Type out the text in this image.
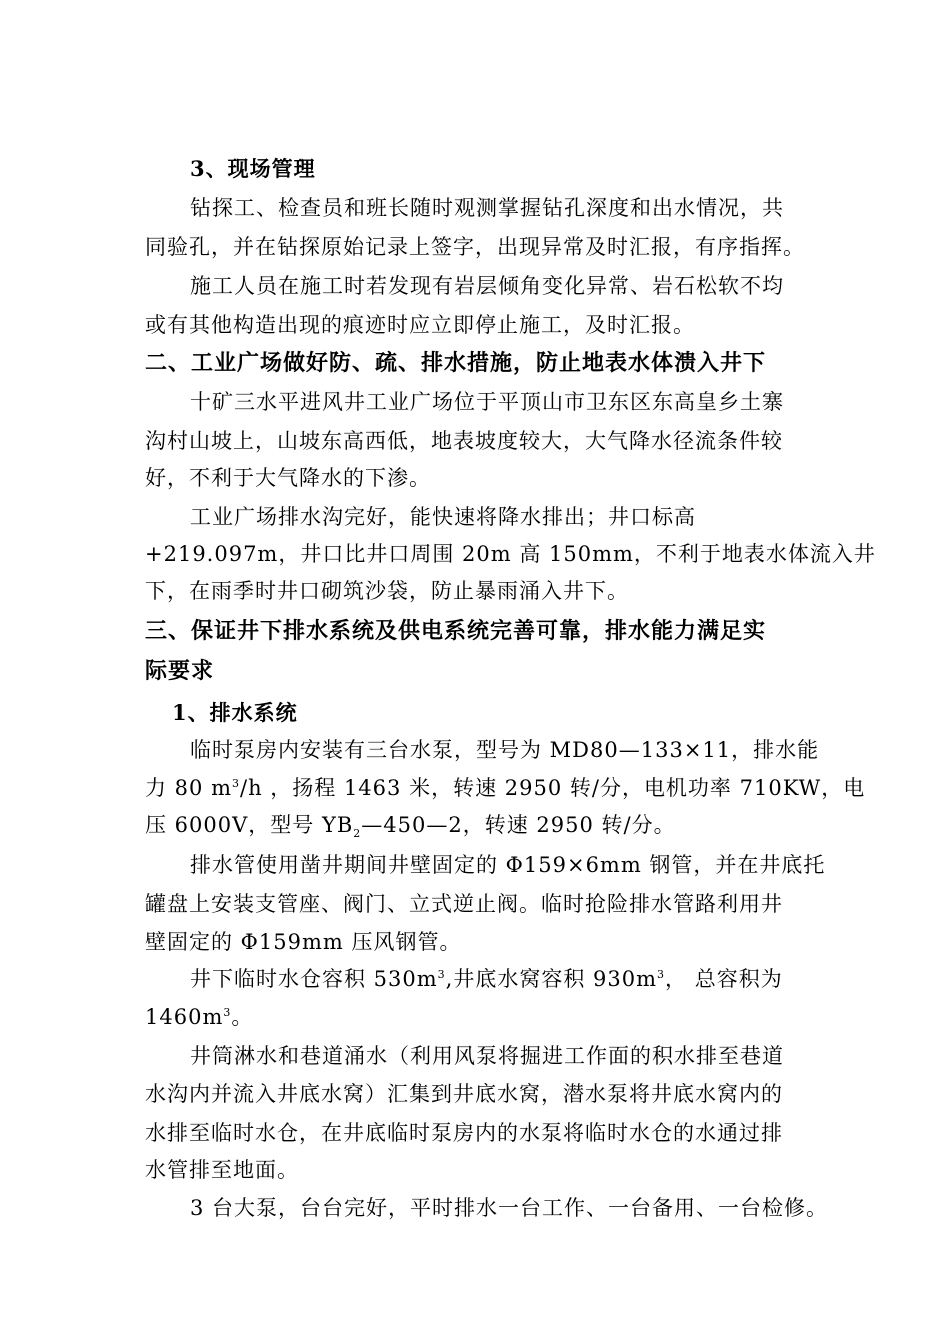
3、现场管理
钻探工、检查员和班长随时观测掌握钻孔深度和出水情况，共
同验孔，并在钻探原始记录上签字，出现异常及时汇报，有序指挥。
施工人员在施工时若发现有岩层倾角变化异常、岩石松软不均
或有其他构造出现的痕迹时应立即停止施工，及时汇报。
二、工业广场做好防、疏、排水措施，防止地表水体溃入井下
十矿三水平进风井工业广场位于平顶山市卫东区东高皇乡土寨
沟村山坡上，山坡东高西低，地表坡度较大，大气降水径流条件较
好，不利于大气降水的下渗。
工业广场排水沟完好，能快速将降水排出；井口标高
+219.097m，井口比井口周围 20m 高 150mm，不利于地表水体流入井
下，在雨季时井口砌筑沙袋，防止暴雨涌入井下。
三、保证井下排水系统及供电系统完善可靠，排水能力满足实
际要求
1、排水系统
临时泵房内安装有三台水泵，型号为 MD80—133×11，排水能
力 80 $m^3/h$ ，扬程 1463 米，转速 2950 转/分，电机功率 710KW，电
压 6000V，型号 $YB_2—450—2$，转速 2950 转/分。
排水管使用凿井期间井壁固定的 Φ159×6mm 钢管，并在井底托
罐盘上安装支管座、阀门、立式逆止阀。临时抢险排水管路利用井
壁固定的 Φ159mm 压风钢管。
井下临时水仓容积 $530m^3$,井底水窝容积 $930m^3$， 总容积为
$1460m^3$。
井筒淋水和巷道涌水（利用风泵将掘进工作面的积水排至巷道
水沟内并流入井底水窝）汇集到井底水窝，潜水泵将井底水窝内的
水排至临时水仓，在井底临时泵房内的水泵将临时水仓的水通过排
水管排至地面。
3 台大泵，台台完好，平时排水一台工作、一台备用、一台检修。
